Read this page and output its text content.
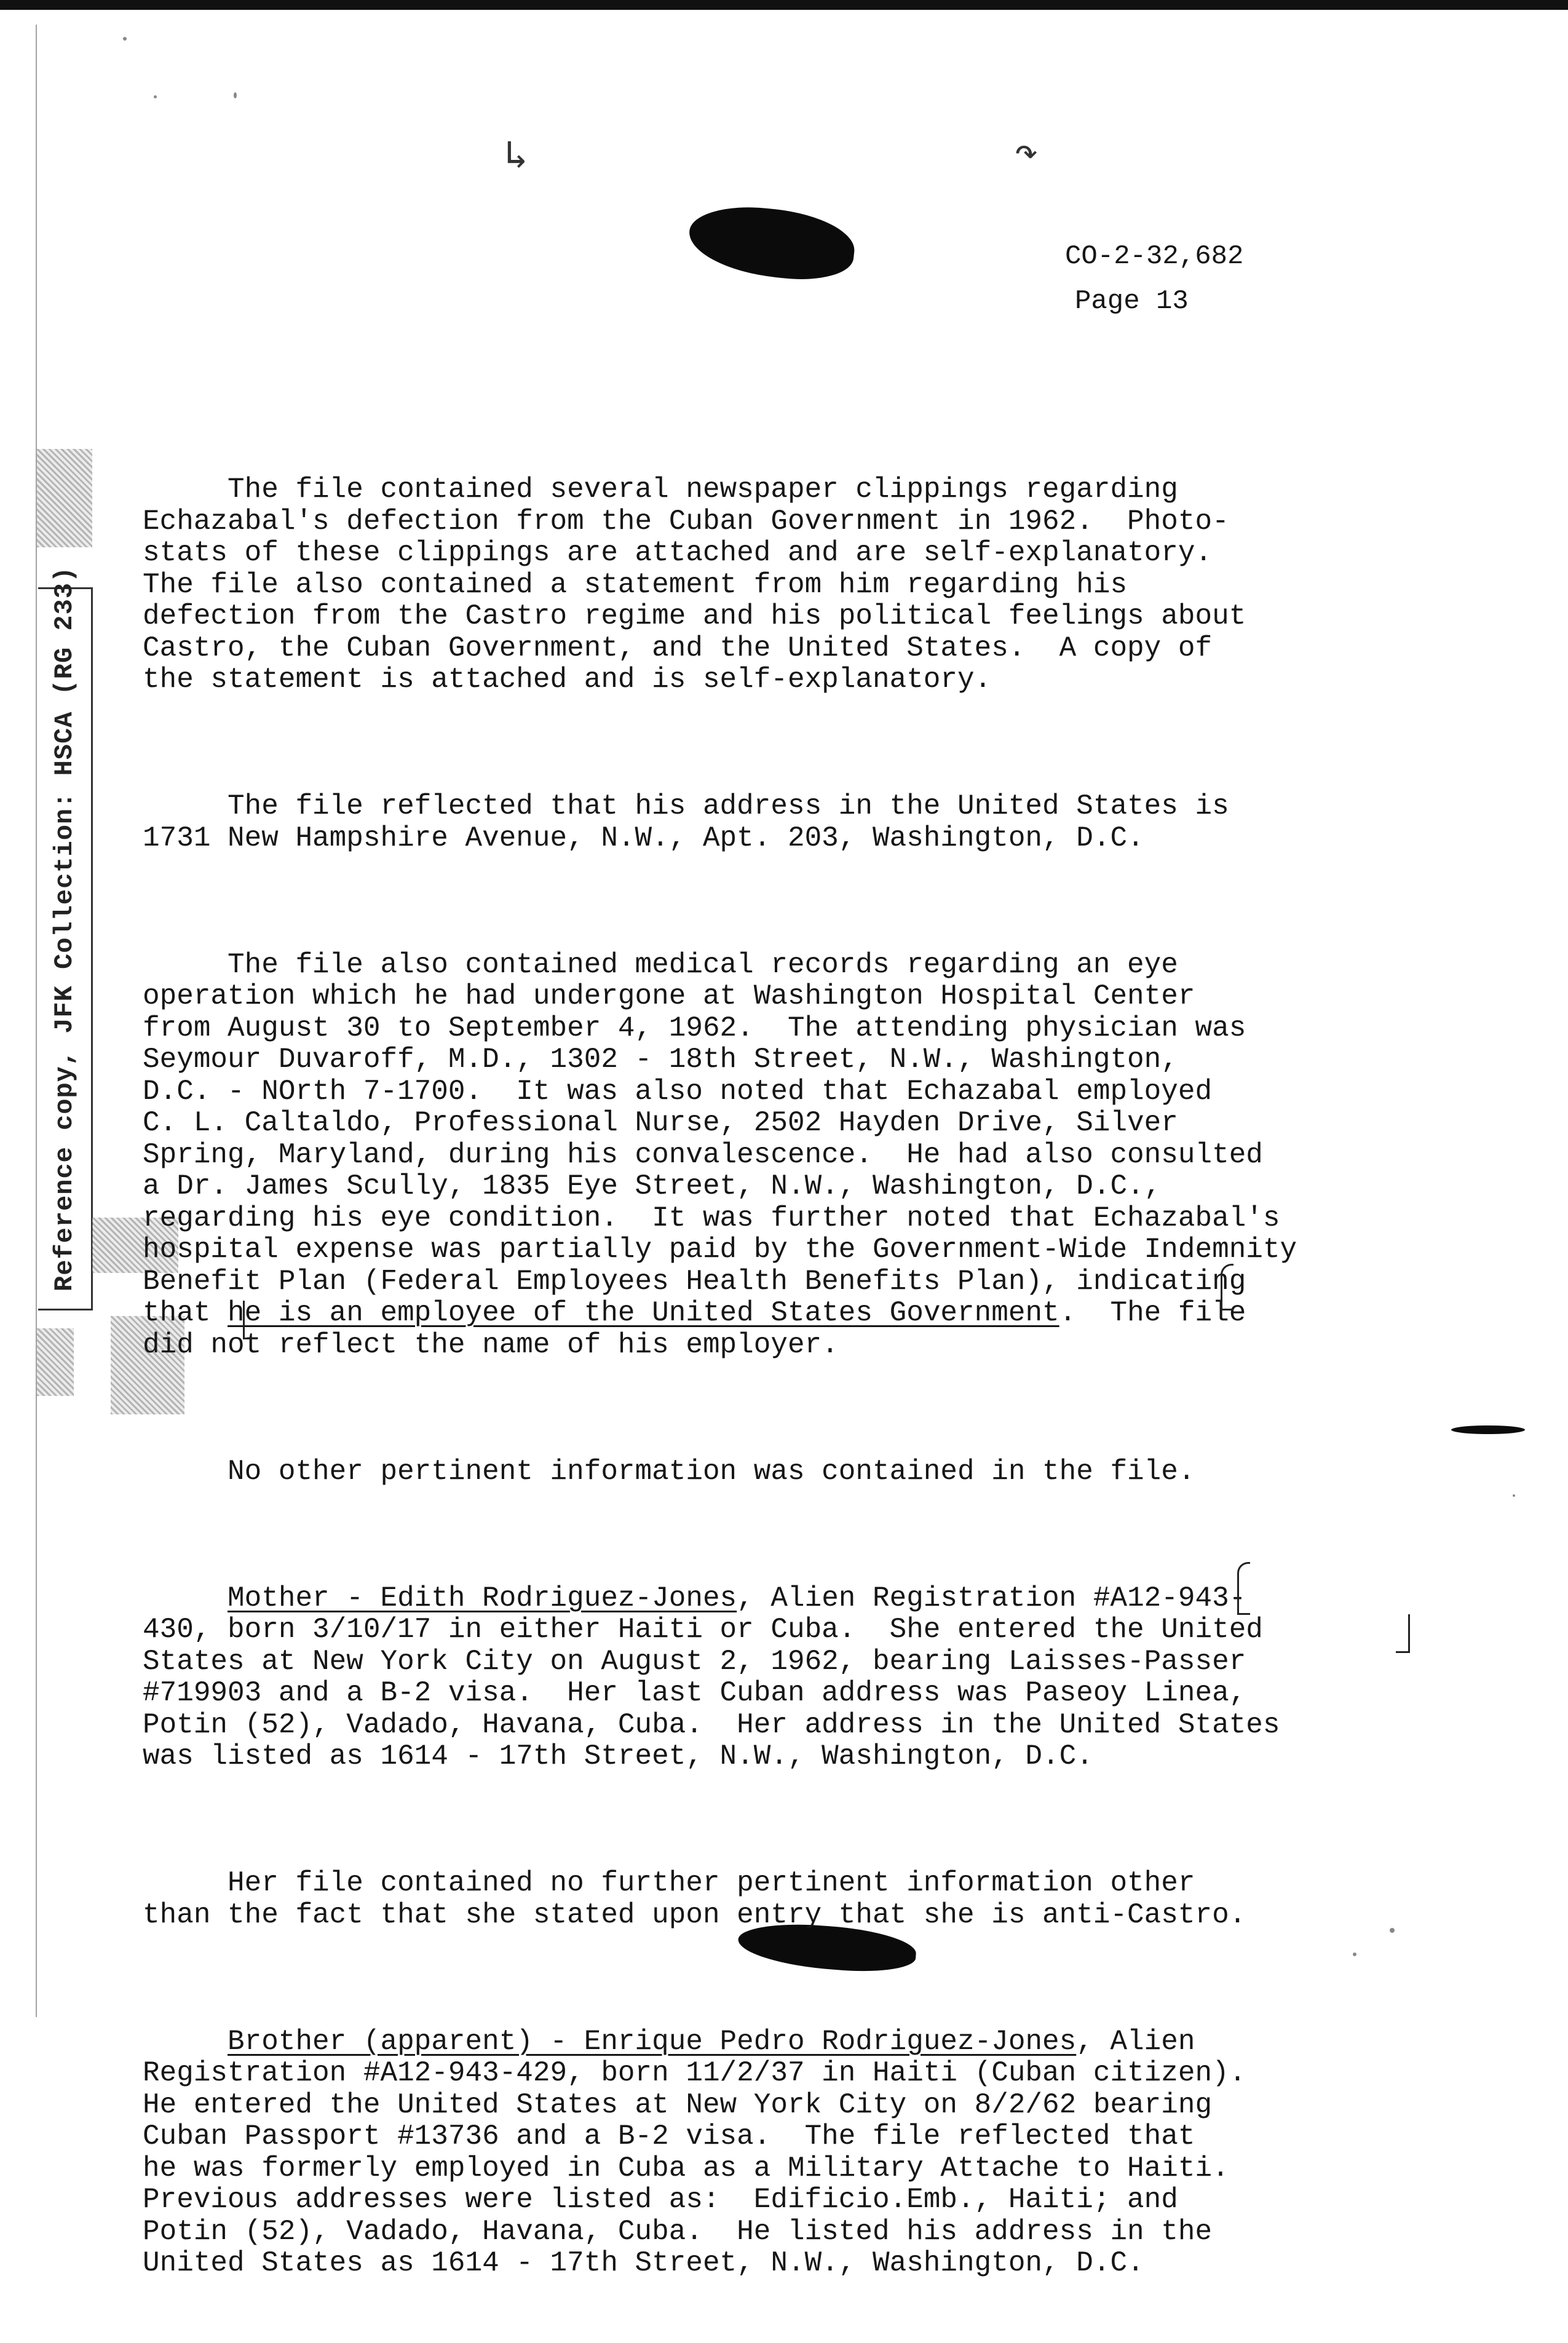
↳	↷
CO-2-32,682
Page 13
Reference copy, JFK Collection: HSCA (RG 233)

The file contained several newspaper clippings regarding
Echazabal's defection from the Cuban Government in 1962.  Photo-
stats of these clippings are attached and are self-explanatory.
The file also contained a statement from him regarding his
defection from the Castro regime and his political feelings about
Castro, the Cuban Government, and the United States.  A copy of
the statement is attached and is self-explanatory.

The file reflected that his address in the United States is
1731 New Hampshire Avenue, N.W., Apt. 203, Washington, D.C.

The file also contained medical records regarding an eye
operation which he had undergone at Washington Hospital Center
from August 30 to September 4, 1962.  The attending physician was
Seymour Duvaroff, M.D., 1302 - 18th Street, N.W., Washington,
D.C. - NOrth 7-1700.  It was also noted that Echazabal employed
C. L. Caltaldo, Professional Nurse, 2502 Hayden Drive, Silver
Spring, Maryland, during his convalescence.  He had also consulted
a Dr. James Scully, 1835 Eye Street, N.W., Washington, D.C.,
regarding his eye condition.  It was further noted that Echazabal's
hospital expense was partially paid by the Government-Wide Indemnity
Benefit Plan (Federal Employees Health Benefits Plan), indicating
that he is an employee of the United States Government.  The file
did not reflect the name of his employer.

No other pertinent information was contained in the file.

Mother - Edith Rodriguez-Jones, Alien Registration #A12-943-
430, born 3/10/17 in either Haiti or Cuba.  She entered the United
States at New York City on August 2, 1962, bearing Laisses-Passer
#719903 and a B-2 visa.  Her last Cuban address was Paseoy Linea,
Potin (52), Vadado, Havana, Cuba.  Her address in the United States
was listed as 1614 - 17th Street, N.W., Washington, D.C.

Her file contained no further pertinent information other
than the fact that she stated upon entry that she is anti-Castro.

Brother (apparent) - Enrique Pedro Rodriguez-Jones, Alien
Registration #A12-943-429, born 11/2/37 in Haiti (Cuban citizen).
He entered the United States at New York City on 8/2/62 bearing
Cuban Passport #13736 and a B-2 visa.  The file reflected that
he was formerly employed in Cuba as a Military Attache to Haiti.
Previous addresses were listed as:  Edificio.Emb., Haiti; and
Potin (52), Vadado, Havana, Cuba.  He listed his address in the
United States as 1614 - 17th Street, N.W., Washington, D.C.
